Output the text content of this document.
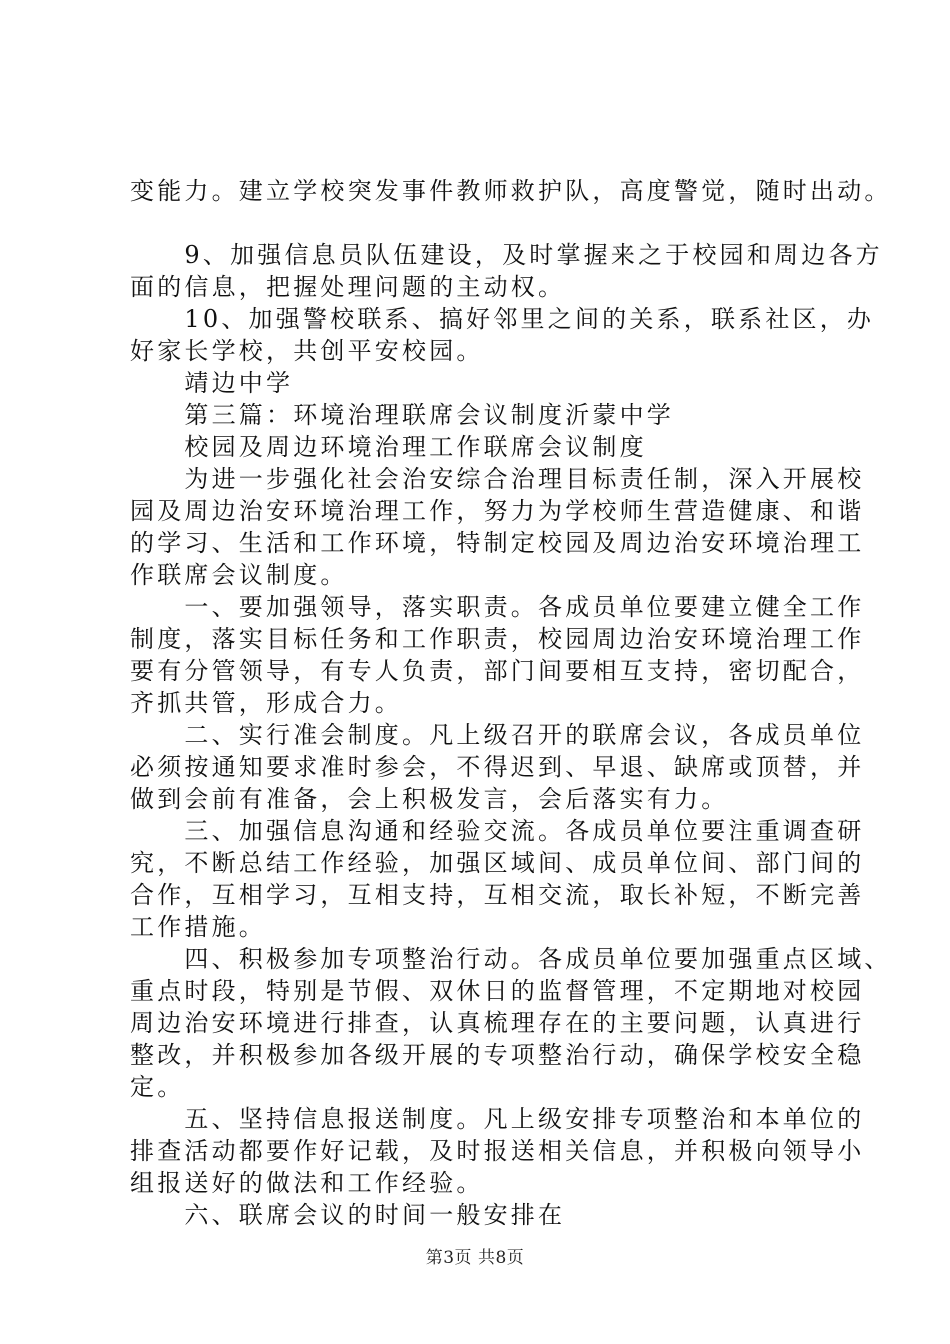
变能力。建立学校突发事件教师救护队，高度警觉，随时出动。
　　9、加强信息员队伍建设，及时掌握来之于校园和周边各方
面的信息，把握处理问题的主动权。
　　10、加强警校联系、搞好邻里之间的关系，联系社区，办
好家长学校，共创平安校园。
　　靖边中学
　　第三篇：环境治理联席会议制度沂蒙中学
　　校园及周边环境治理工作联席会议制度
　　为进一步强化社会治安综合治理目标责任制，深入开展校
园及周边治安环境治理工作，努力为学校师生营造健康、和谐
的学习、生活和工作环境，特制定校园及周边治安环境治理工
作联席会议制度。
　　一、要加强领导，落实职责。各成员单位要建立健全工作
制度，落实目标任务和工作职责，校园周边治安环境治理工作
要有分管领导，有专人负责，部门间要相互支持，密切配合，
齐抓共管，形成合力。
　　二、实行准会制度。凡上级召开的联席会议，各成员单位
必须按通知要求准时参会，不得迟到、早退、缺席或顶替，并
做到会前有准备，会上积极发言，会后落实有力。
　　三、加强信息沟通和经验交流。各成员单位要注重调查研
究，不断总结工作经验，加强区域间、成员单位间、部门间的
合作，互相学习，互相支持，互相交流，取长补短，不断完善
工作措施。
　　四、积极参加专项整治行动。各成员单位要加强重点区域、
重点时段，特别是节假、双休日的监督管理，不定期地对校园
周边治安环境进行排查，认真梳理存在的主要问题，认真进行
整改，并积极参加各级开展的专项整治行动，确保学校安全稳
定。
　　五、坚持信息报送制度。凡上级安排专项整治和本单位的
排查活动都要作好记载，及时报送相关信息，并积极向领导小
组报送好的做法和工作经验。
　　六、联席会议的时间一般安排在
第3页 共8页
